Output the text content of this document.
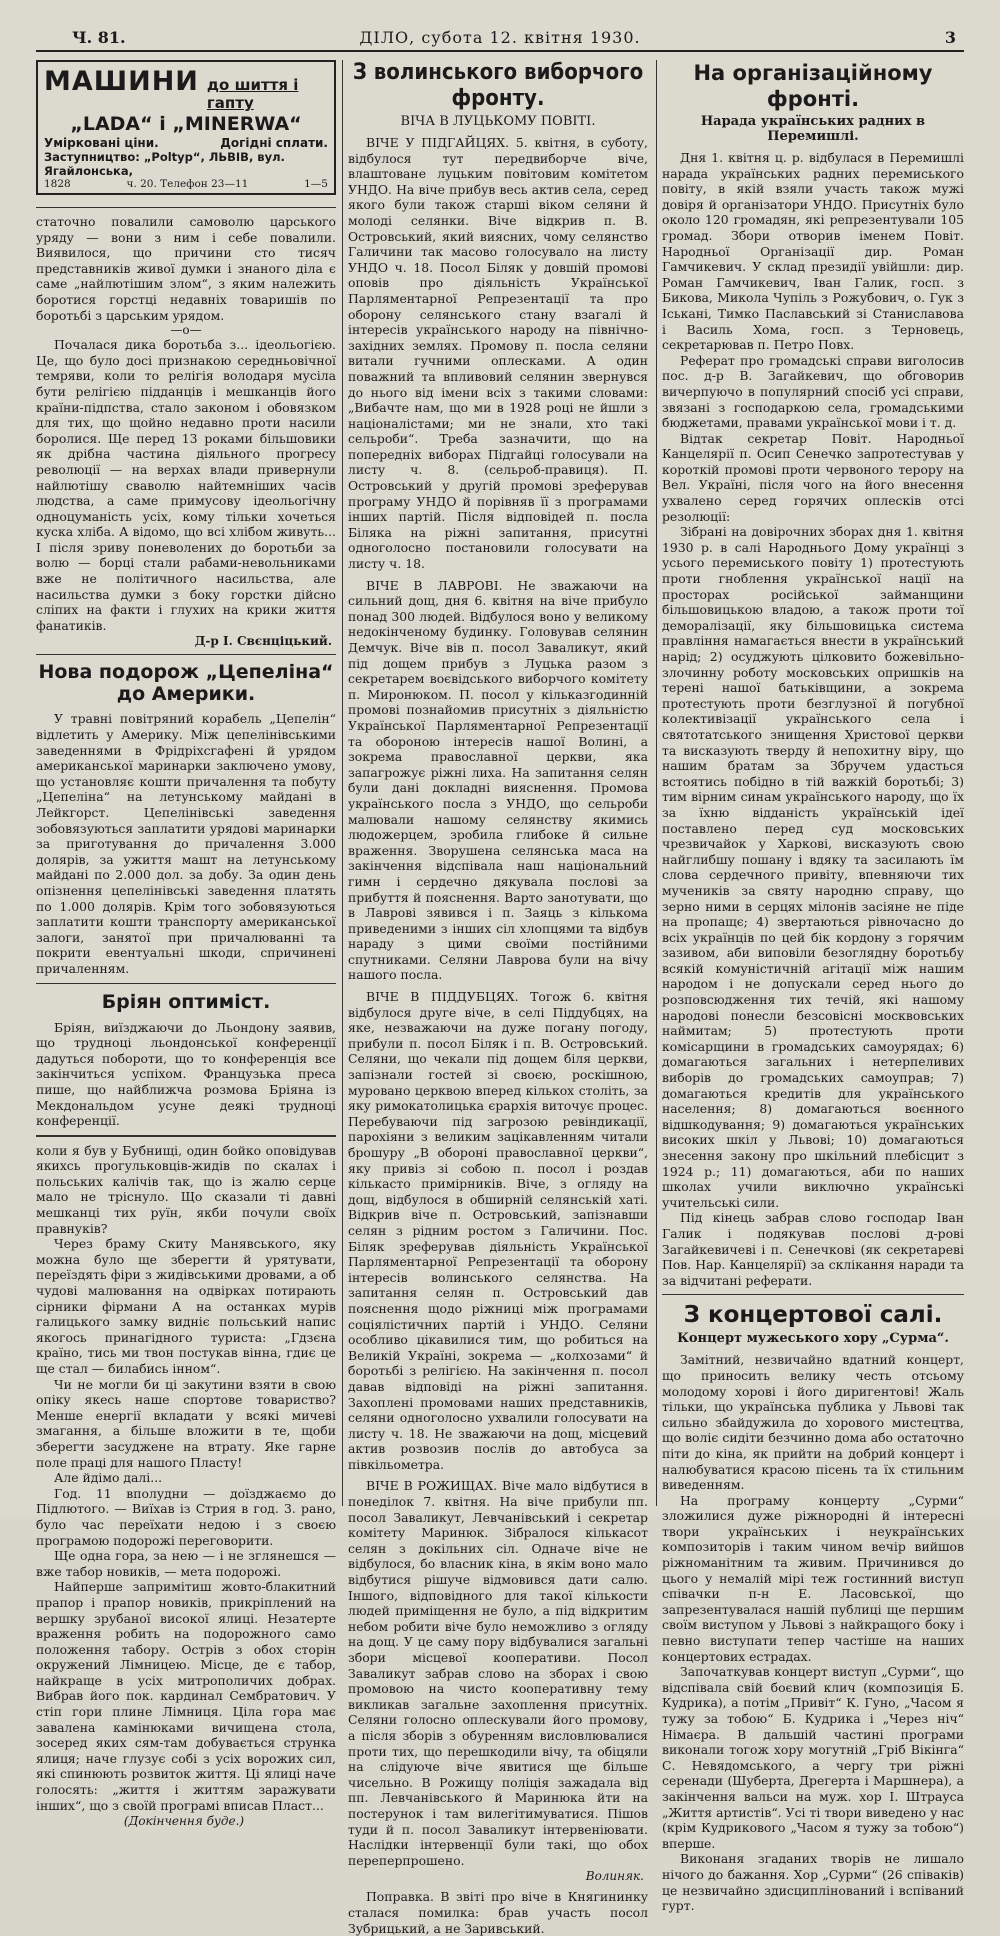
Ч. 81.	ДІЛО, субота 12. квітня 1930.	3
МАШИНИ до шиття і гапту
„LADA“ і „MINERWA“
Умірковані ціни.	Догідні сплати.
Заступництво: „Poltyp“, ЛЬВІВ, вул. Ягайлонська,
1828	ч. 20. Телефон 23—11	1—5

статочно повалили самоволю царського уряду — вони з ним і себе повалили. Виявилося, що причини сто тисяч представників живої думки і знаного діла є саме „найлютішим злом“, з яким належить боротися горстці недавніх товаришів по боротьбі з царським урядом.

—о—

Почалася дика боротьба з... ідеольогією. Це, що було досі признакою середньовічної темряви, коли то релігія володаря мусіла бути релігією підданців і мешканців його країни-підпства, стало законом і обовязком для тих, що щойно недавно проти насили боролися. Ще перед 13 роками більшовики як дрібна частина діяльного прогресу революції — на верхах влади привернули найлютішу сваволю найтемніших часів людства, а саме примусову ідеольогічну одноцуманість усіх, кому тільки хочеться куска хліба. А відомо, що всі хлібом живуть... І після зриву поневолених до боротьби за волю — борці стали рабами-невольниками вже не політичного насильства, але насильства думки з боку горстки дійсно сліпих на факти і глухих на крики життя фанатиків.

Д-р І. Свєнціцький.
Нова подорож „Цепеліна“ до Америки.

У травні повітряний корабель „Цепелін“ відлетить у Америку. Між цепелінівськими заведеннями в Фрідріхсгафені й урядом американської маринарки заключено умову, що установляє кошти причалення та побуту „Цепеліна“ на летунському майдані в Лейкгорст. Цепелінівські заведення зобовязуються заплатити урядові маринарки за приготування до причалення 3.000 долярів, за ужиття машт на летунському майдані по 2.000 дол. за добу. За один день опізнення цепелінівські заведення платять по 1.000 долярів. Крім того зобовязуються заплатити кошти транспорту американської залоги, занятої при причалюванні та покрити евентуальні шкоди, спричинені причаленням.

Бріян оптиміст.

Бріян, виїзджаючи до Льондону заявив, що трудноці льондонської конференції дадуться побороти, що то конференція все закінчиться успіхом. Французька преса пише, що найближча розмова Бріяна із Мекдональдом усуне деякі трудноці конференції.

коли я був у Бубнищі, один бойко оповідував якихсь прогульковців-жидів по скалах і польських калічів так, що із жалю серце мало не тріснуло. Що сказали ті давні мешканці тих руїн, якби почули своїх правнуків?

Через браму Скиту Манявського, яку можна було ще зберегти й урятувати, переїздять фіри з жидівськими дровами, а об чудові малювання на одвірках потирають сірники фірмани А на останках мурів галицького замку видніє польський напис якогось принагідного туриста: „Гдзєна країно, тись ми твон постукав вінна, гдиє це ще стал — билабись інном“.

Чи не могли би ці закутини взяти в свою опіку якесь наше спортове товариство? Менше енергії вкладати у всякі мичеві змагання, а більше вложити в те, щоби зберегти засуджене на втрату. Яке гарне поле праці для нашого Пласту!

Але йдімо далі...

Год. 11 вполудни — доїзджаємо до Підлютого. — Виїхав із Стрия в год. 3. рано, було час переїхати недою і з своєю програмою подорожі переговорити.

Ще одна гора, за нею — і не зглянешся — вже табор новиків, — мета подорожі.

Найперше запримітиш жовто-блакитний прапор і прапор новиків, прикріплений на вершку зрубаної високої ялиці. Незатерте враження робить на подорожного само положення табору. Острів з обох сторін окружений Лімницею. Місце, де є табор, найкраще в усіх митрополичих добрах. Вибрав його пок. кардинал Сембратович. У стіп гори плине Лімниця. Ціла гора має завалена камінюками вичищена стола, зосеред яких сям-там добувається струнка ялиця; наче глузує собі з усіх ворожих сил, які спинюють розвиток життя. Ці ялиці наче голосять: „життя і життям заражувати інших“, що з своїй програмі вписав Пласт...

(Докінчення буде.)
З волинського виборчого фронту.
ВІЧА В ЛУЦЬКОМУ ПОВІТІ.

ВІЧЕ У ПІДГАЙЦЯХ. 5. квітня, в суботу, відбулося тут передвиборче віче, влаштоване луцьким повітовим комітетом УНДО. На віче прибув весь актив села, серед якого були також старші віком селяни й молоді селянки. Віче відкрив п. В. Островський, який виясних, чому селянство Галичини так масово голосувало на листу УНДО ч. 18. Посол Біляк у довшій промові оповів про діяльність Української Парляментарної Репрезентації та про оборону селянського стану взагалі й інтересів українського народу на північно-західних землях. Промову п. посла селяни витали гучними оплесками. А один поважний та впливовий селянин звернувся до нього від імени всіх з такими словами: „Вибачте нам, що ми в 1928 році не йшли з націоналістами; ми не знали, хто такі сельроби“. Треба зазначити, що на попередніх виборах Підгайці голосували на листу ч. 8. (сельроб-правиця). П. Островський у другій промові зреферував програму УНДО й порівняв її з програмами інших партій. Після відповідей п. посла Біляка на ріжні запитання, присутні одноголосно постановили голосувати на листу ч. 18.

ВІЧЕ В ЛАВРОВІ. Не зважаючи на сильний дощ, дня 6. квітня на віче прибуло понад 300 людей. Відбулося воно у великому недокінченому будинку. Головував селянин Демчук. Віче вів п. посол Заваликут, який під дощем прибув з Луцька разом з секретарем воєвідського виборчого комітету п. Миронюком. П. посол у кільказгодинній промові познайомив присутніх з діяльністю Української Парляментарної Репрезентації та обороною інтересів нашої Волині, а зокрема православної церкви, яка запагрожує ріжні лиха. На запитання селян були дані докладні вияснення. Промова українського посла з УНДО, що сельроби малювали нашому селянству якимись людожерцем, зробила глибоке й сильне враження. Зворушена селянська маса на закінчення відспівала наш національний гимн і сердечно дякувала послові за прибуття й пояснення. Варто занотувати, що в Лаврові зявився і п. Заяць з кількома приведеними з інших сіл хлопцями та відбув нараду з цими своїми постійними спутниками. Селяни Лаврова були на вічу нашого посла.

ВІЧЕ В ПІДДУБЦЯХ. Тогож 6. квітня відбулося друге віче, в селі Піддубцях, на яке, незважаючи на дуже погану погоду, прибули п. посол Біляк і п. В. Островський. Селяни, що чекали під дощем біля церкви, запізнали гостей зі своєю, роскішною, муровано церквою вперед кількох століть, за яку римокатолицька єрархія виточує процес. Перебуваючи під загрозою ревіндикації, парохіяни з великим зацікавленням читали брошуру „В обороні православної церкви“, яку привіз зі собою п. посол і роздав кількасто примірників. Віче, з огляду на дощ, відбулося в обширній селянській хаті. Відкрив віче п. Островський, запізнавши селян з рідним ростом з Галичини. Пос. Біляк зреферував діяльність Української Парляментарної Репрезентації та оборону інтересів волинського селянства. На запитання селян п. Островський дав пояснення щодо ріжниці між програмами соціялістичних партій і УНДО. Селяни особливо цікавилися тим, що робиться на Великій Україні, зокрема — „колхозами“ й боротьбі з релігією. На закінчення п. посол давав відповіді на ріжні запитання. Захоплені промовами наших представників, селяни одноголосно ухвалили голосувати на листу ч. 18. Не зважаючи на дощ, місцевий актив розвозив послів до автобуса за півкільометра.

ВІЧЕ В РОЖИЩАХ. Віче мало відбутися в понеділок 7. квітня. На віче прибули пп. посол Заваликут, Левчанівський і секретар комітету Маринюк. Зібралося кількасот селян з докільних сіл. Одначе віче не відбулося, бо власник кіна, в якім воно мало відбутися рішуче відмовився дати салю. Іншого, відповідного для такої кількости людей приміщення не було, а під відкритим небом робити віче було неможливо з огляду на дощ. У це саму пору відбувалися загальні збори місцевої кооперативи. Посол Заваликут забрав слово на зборах і свою промовою на чисто кооперативну тему викликав загальне захоплення присутніх. Селяни голосно оплескували його промову, а після зборів з обуренням висловлювалися проти тих, що перешкодили вічу, та обіцяли на слідуюче віче явитися ще більше чисельно. В Рожищу поліція зажадала від пп. Левчанівського й Маринюка йти на постерунок і там вилегітимуватися. Пішов туди й п. посол Заваликут інтервеніювати. Наслідки інтервенції були такі, що обох переперпрошено.

Волиняк.

Поправка. В звіті про віче в Княгининку сталася помилка: брав участь посол Зубрицький, а не Заривський.

На організаційному фронті.
Нарада українських радних в Перемишлі.

Дня 1. квітня ц. р. відбулася в Перемишлі нарада українських радних перемиського повіту, в якій взяли участь також мужі довіря й організатори УНДО. Присутніх було около 120 громадян, які репрезентували 105 громад. Збори отворив іменем Повіт. Народньої Організації дир. Роман Гамчикевич. У склад президії увійшли: дир. Роман Гамчикевич, Іван Галик, госп. з Бикова, Микола Чупіль з Рожубович, о. Гук з Іськані, Тимко Паславський зі Станиславова і Василь Хома, госп. з Терновець, секретарював п. Петро Повх.

Реферат про громадські справи виголосив пос. д-р В. Загайкевич, що обговорив вичерпуючо в популярний спосіб усі справи, звязані з господаркою села, громадськими бюджетами, правами української мови і т. д.

Відтак секретар Повіт. Народньої Канцелярії п. Осип Сенечко запротестував у короткій промові проти червоного терору на Вел. Україні, після чого на його внесення ухвалено серед горячих оплесків отсі резолюції:

Зібрані на довірочних зборах дня 1. квітня 1930 р. в салі Народнього Дому українці з усього перемиського повіту 1) протестують проти гноблення української нації на просторах російської займанщини більшовицькою владою, а також проти тої деморалізації, яку більшовицька система правління намагається внести в український нарід; 2) осуджують цілковито божевільно-злочинну роботу московських опришків на терені нашої батьківщини, а зокрема протестують проти безглузної й погубної колективізації українського села і святотатського знищення Христової церкви та висказують тверду й непохитну віру, що нашим братам за Збручем удасться встоятись побідно в тій важкій боротьбі; 3) тим вірним синам українського народу, що їх за їхню відданість українській ідеї поставлено перед суд московських чрезвичайок у Харкові, висказують свою найглибшу пошану і вдяку та засилають їм слова сердечного привіту, впевняючи тих мучеників за святу народню справу, що зерно ними в серцях мілонів засіяне не піде на пропащє; 4) звертаються рівночасно до всіх українців по цей бік кордону з горячим зазивом, аби виповіли безоглядну боротьбу всякій комуністичній агітації між нашим народом і не допускали серед нього до розповсюдження тих течій, які нашому народові понесли безсовісні москвовських наймитам; 5) протестують проти комісарщини в громадських самоурядах; 6) домагаються загальних і нетерпеливих виборів до громадських самоуправ; 7) домагаються кредитів для українського населення; 8) домагаються воєнного відшкодування; 9) домагаються українських високих шкіл у Львові; 10) домагаються знесення закону про шкільний плебісцит з 1924 р.; 11) домагаються, аби по наших школах учили виключно українські учительські сили.

Під кінець забрав слово господар Іван Галик і подякував послові д-рові Загайкевичеві і п. Сенечкові (як секретареві Пов. Нар. Канцелярії) за склікання наради та за відчитані реферати.

З концертової салі.
Концерт мужеського хору „Сурма“.

Замітний, незвичайно вдатний концерт, що приносить велику честь отсьому молодому хорові і його диригентові! Жаль тільки, що українська публика у Львові так сильно збайдужила до хорового мистецтва, що воліє сидіти безчинно дома або остаточно піти до кіна, як прийти на добрий концерт і налюбуватися красою пісень та їх стильним виведенням.

На програму концерту „Сурми“ зложилися дуже ріжнородні й інтересні твори українських і неукраїнських композиторів і таким чином вечір вийшов ріжноманітним та живим. Причинився до цього у немалій мірі теж гостинний виступ співачки п-н Е. Ласовської, що запрезентувалася нашій публиці ще першим своїм виступом у Львові з найкращого боку і певно виступати тепер частіше на наших концертових естрадах.

Започаткував концерт виступ „Сурми“, що відспівала свій боєвий клич (композиція Б. Кудрика), а потім „Привіт“ К. Гуно, „Часом я тужу за тобою“ Б. Кудрика і „Через ніч“ Німаєра. В дальшій частині програми виконали тогож хору могутній „Гріб Вікінга“ С. Невядомського, а чергу три ріжні серенади (Шуберта, Дрегерта і Маршнера), а закінчення вальси на муж. хор І. Штрауса „Життя артистів“. Усі ті твори виведено у нас (крім Кудриковoго „Часом я тужу за тобою“) вперше.

Виконаня згаданих творів не лишало нічого до бажання. Хор „Сурми“ (26 співаків) це незвичайно здисциплінований і вспіваний гурт.
